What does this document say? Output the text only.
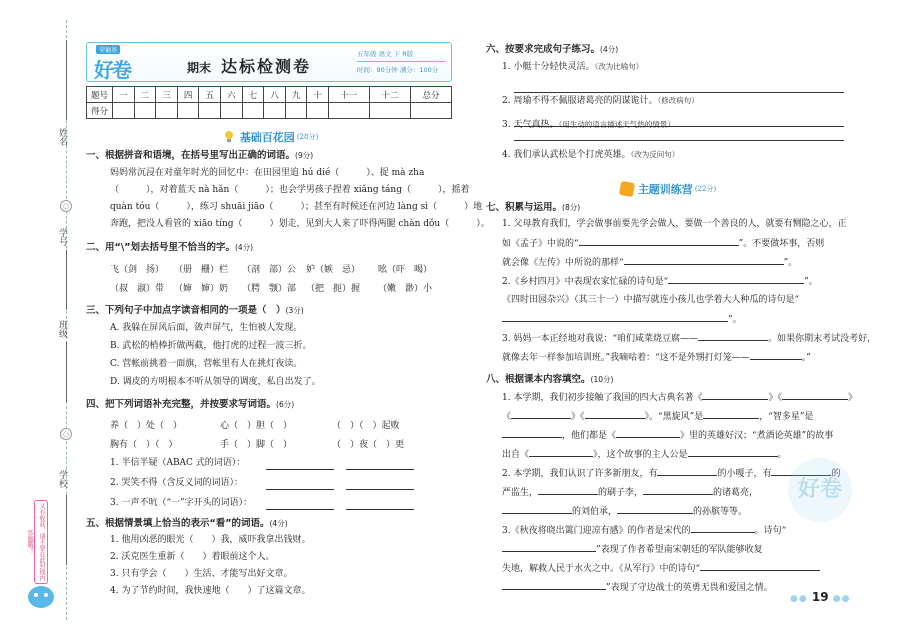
姓名
○
学号
班级
○
学校
又有收获，请不要在此封线内答题哦！
荣德基
好卷	期末 达标检测卷
五年级 语文 下 R版
时间：90分钟 满分：100分
题号	一	二	三	四	五	六	七	八	九	十	十一	十二	总分
得分													
基础百花园 (28分)
一、根据拼音和语境，在括号里写出正确的词语。(9分)
妈妈常沉浸在对童年时光的回忆中：在田园里追 hú dié（　　　）、捉 mà zha
（　　　），对着蓝天 nà hǎn（　　　）；也会学男孩子捏着 xiǎng táng（　　　），摇着
quàn tóu（　　　），练习 shuāi jiāo（　　　）；甚至有时候还在河边 làng sì（　　　）地
奔跑，把没人看管的 xiāo tíng（　　　）划走，见到大人来了吓得两腿 chàn dǒu（　　　）。
二、用“\”划去括号里不恰当的字。(4分)
飞（剑　扬） （册　栅）栏 （剖　部）公 妒（嫉　忌） 吆（吓　喝）
（叔　淑）带 （婶　婶）奶 （腭　颚）部 （把　扼）握 （嫩　渺）小
三、下列句子中加点字读音相同的一项是（　）(3分)
A. 我躲在屏风后面，敛声屏气，生怕被人发现。
B. 武松的梢棒折做两截，他打虎的过程一波三折。
C. 营帐前挑着一面旗，营帐里有人在挑灯夜读。
D. 调皮的方明根本不听从领导的调度，私自出发了。
四、把下列词语补充完整，并按要求写词语。(6分)
养（　）处（　）	心（　）胆（　）	（　）（　）起败
胸有（　）（　）	手（　）脚（　）	（　）夜（　）更
1. 半信半疑（ABAC 式的词语）：
2. 哭笑不得（含反义词的词语）：
3. 一声不吭（“一”字开头的词语）：
五、根据情景填上恰当的表示“看”的词语。(4分)
1. 他用凶恶的眼光（　　）我，威吓我拿出钱财。
2. 沃克医生重新（　　）着眼前这个人。
3. 只有学会（　　）生活、才能写出好文章。
4. 为了节约时间，我快速地（　　）了这篇文章。
六、按要求完成句子练习。(4分)
1. 小艇十分轻快灵活。（改为比喻句）
2. 周瑜不得不佩服诸葛亮的阴谋诡计。（修改病句）
3. 天气真热。（用生动的语言描述天气热的情景）
4. 我们承认武松是个打虎英雄。（改为反问句）
主题训练营 (22分)
七、积累与运用。(8分)
1. 父母教育我们，学会做事前要先学会做人，要做一个善良的人，就要有恻隐之心，正
如《孟子》中说的“	”。不要做坏事，否则
就会像《左传》中所说的那样“	”。
2.《乡村四月》中表现农家忙碌的诗句是“	”。
《四时田园杂兴》（其三十一）中描写就连小孩儿也学着大人种瓜的诗句是“
”。
3. 妈妈一本正经地对我说：“咱们咸菜烧豆腐——	。如果你期末考试没考好，
就像去年一样参加培训班。”我嘀咕着：“这不是外甥打灯笼——	。”
八、根据课本内容填空。(10分)
1. 本学期，我们初步接触了我国的四大古典名著《	》《	》
《	》《	》。“黑旋风”是	，“智多星”是
，他们都是《	》里的英雄好汉；“煮酒论英雄”的故事
出自《	》，这个故事的主人公是	。
2. 本学期，我们认识了许多新朋友，有	的小嘎子，有	的
严监生，	的刷子李，	的诸葛亮，
的刘伯承，	的孙膑等等。
3.《秋夜将晓出篱门迎凉有感》的作者是宋代的	。诗句“
”表现了作者希望南宋朝廷的军队能够收复
失地，解救人民于水火之中。《从军行》中的诗句“
”表现了守边战士的英勇无畏和爱国之情。
好卷
●● 19 ●●
